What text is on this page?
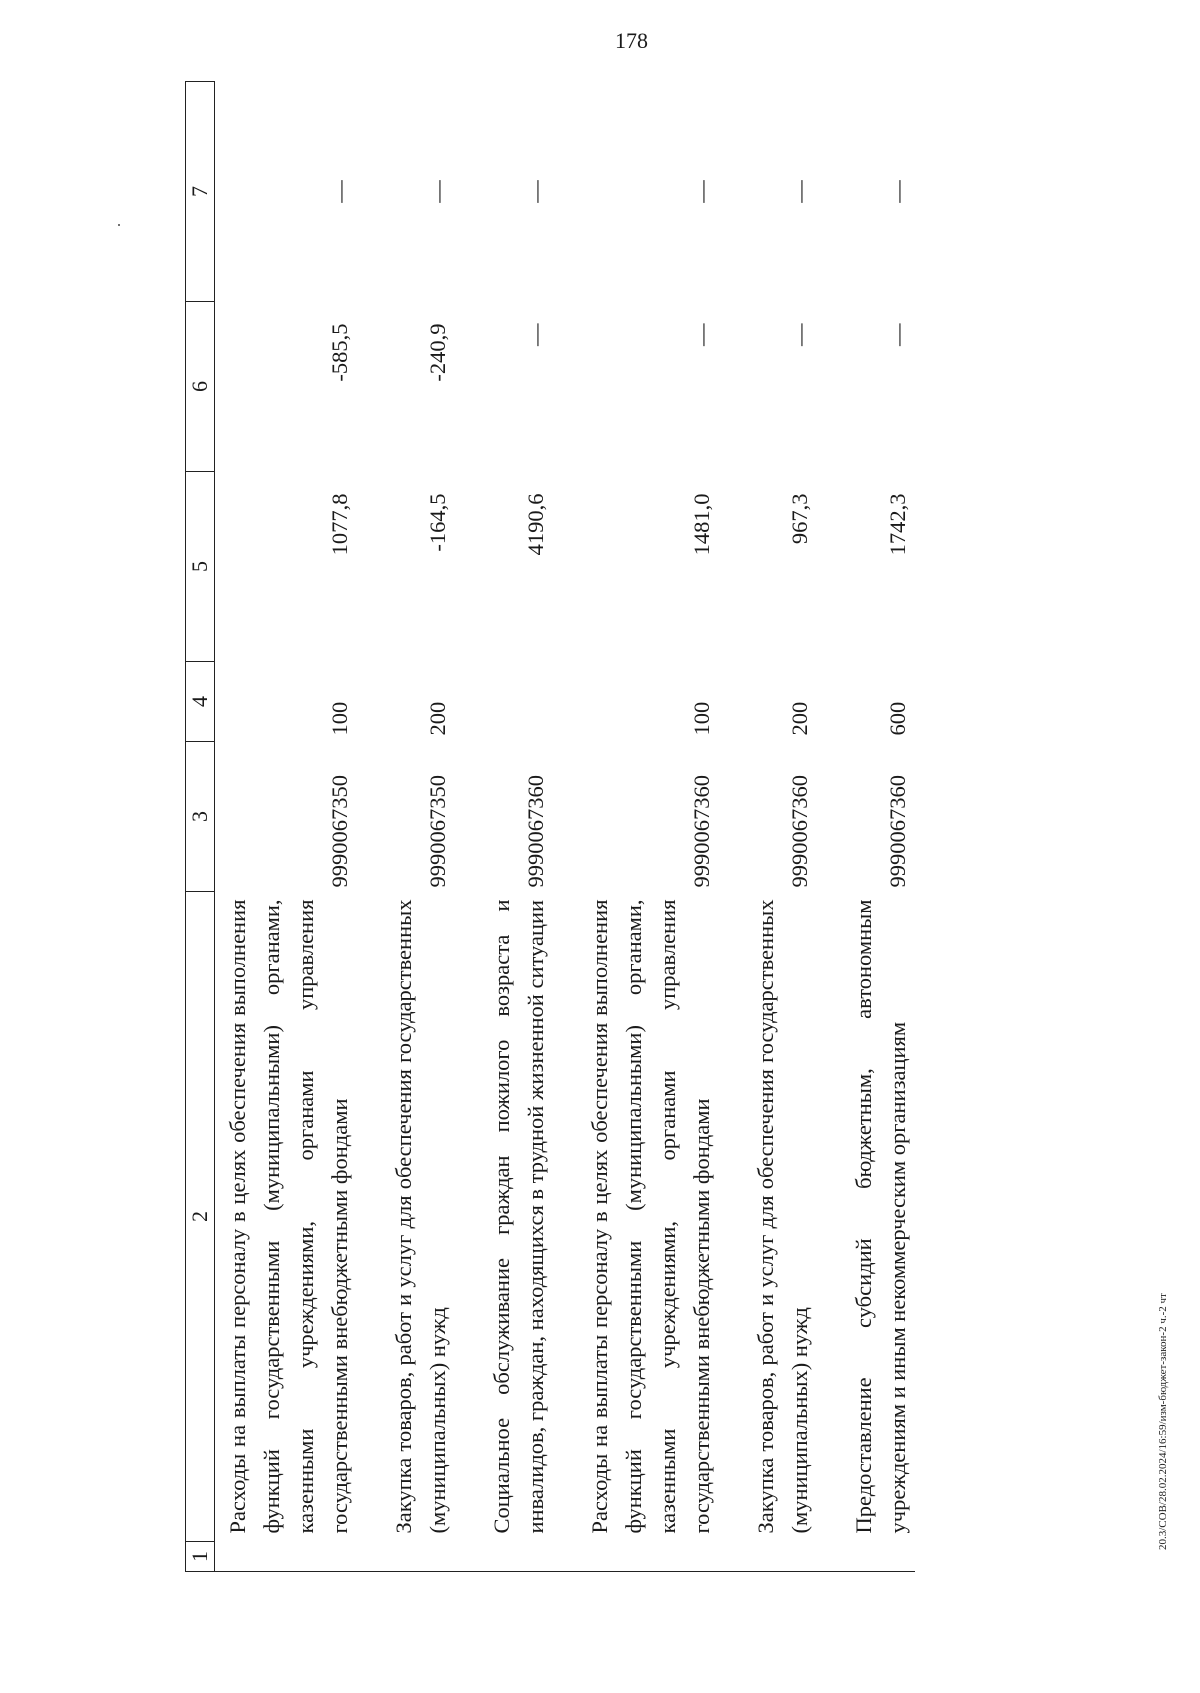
178
1	2	3	4	5	6	7
	Расходы на выплаты персоналу в целях обеспечения выполнения функций государственными (муниципальными) органами, казенными учреждениями, органами управления государственными внебюджетными фондами	9990067350	100	1077,8	-585,5	—

	Закупка товаров, работ и услуг для обеспечения государственных (муниципальных) нужд	9990067350	200	-164,5	-240,9	—

	Социальное обслуживание граждан пожилого возраста и инвалидов, граждан, находящихся в трудной жизненной ситуации	9990067360		4190,6	—	—

	Расходы на выплаты персоналу в целях обеспечения выполнения функций государственными (муниципальными) органами, казенными учреждениями, органами управления государственными внебюджетными фондами	9990067360	100	1481,0	—	—

	Закупка товаров, работ и услуг для обеспечения государственных (муниципальных) нужд	9990067360	200	967,3	—	—

	Предоставление субсидий бюджетным, автономным учреждениям и иным некоммерческим организациям	9990067360	600	1742,3	—	—
20.3/СОВ/28.02.2024/16:59/изм-бюджет-закон-2 ч.-2 чт
